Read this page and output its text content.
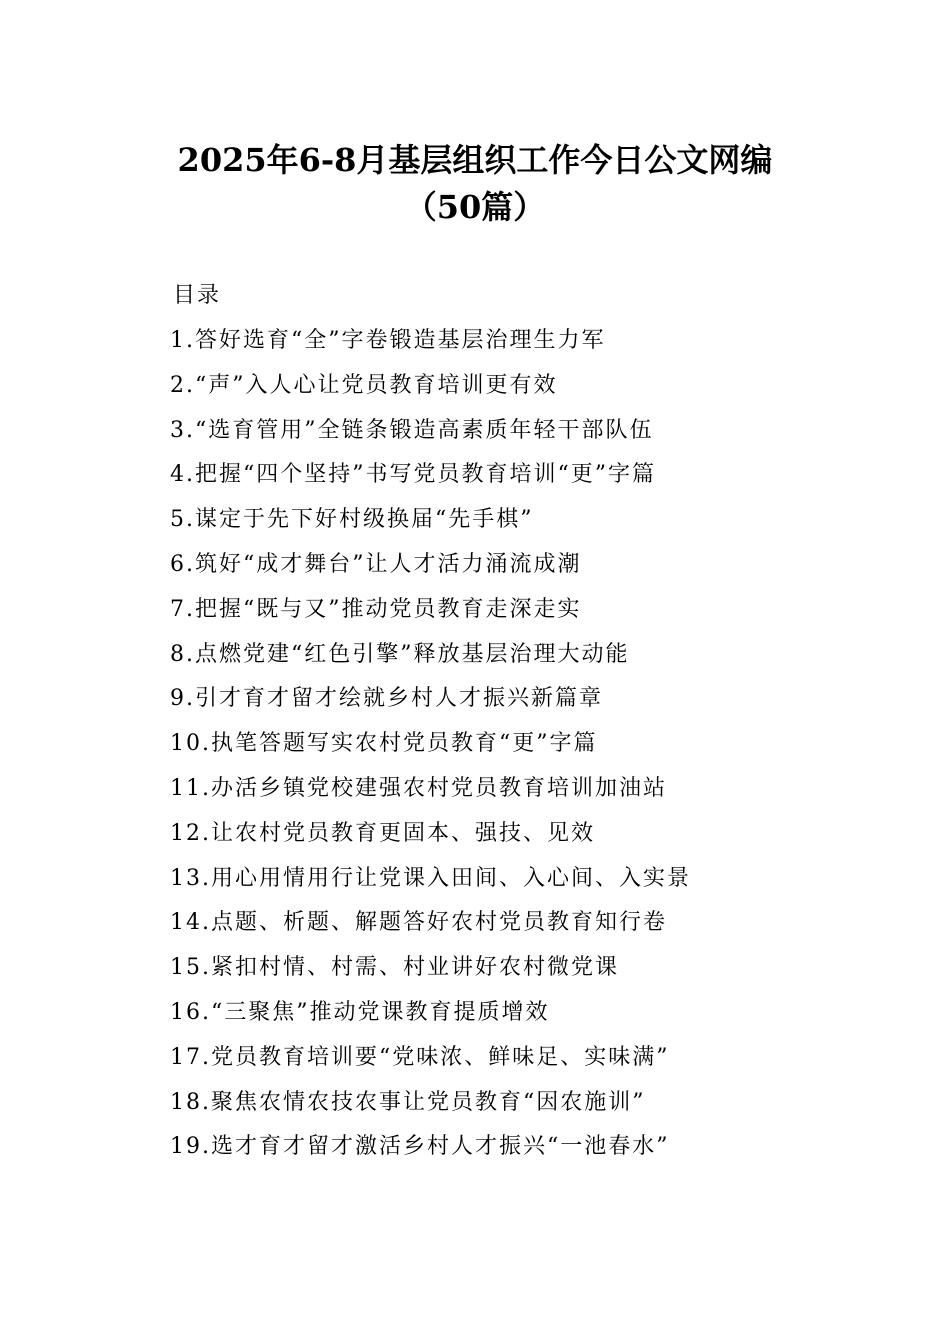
2025年6-8月基层组织工作今日公文网编
（50篇）
目录
1.答好选育“全”字卷锻造基层治理生力军
2.“声”入人心让党员教育培训更有效
3.“选育管用”全链条锻造高素质年轻干部队伍
4.把握“四个坚持”书写党员教育培训“更”字篇
5.谋定于先下好村级换届“先手棋”
6.筑好“成才舞台”让人才活力涌流成潮
7.把握“既与又”推动党员教育走深走实
8.点燃党建“红色引擎”释放基层治理大动能
9.引才育才留才绘就乡村人才振兴新篇章
10.执笔答题写实农村党员教育“更”字篇
11.办活乡镇党校建强农村党员教育培训加油站
12.让农村党员教育更固本、强技、见效
13.用心用情用行让党课入田间、入心间、入实景
14.点题、析题、解题答好农村党员教育知行卷
15.紧扣村情、村需、村业讲好农村微党课
16.“三聚焦”推动党课教育提质增效
17.党员教育培训要“党味浓、鲜味足、实味满”
18.聚焦农情农技农事让党员教育“因农施训”
19.选才育才留才激活乡村人才振兴“一池春水”
